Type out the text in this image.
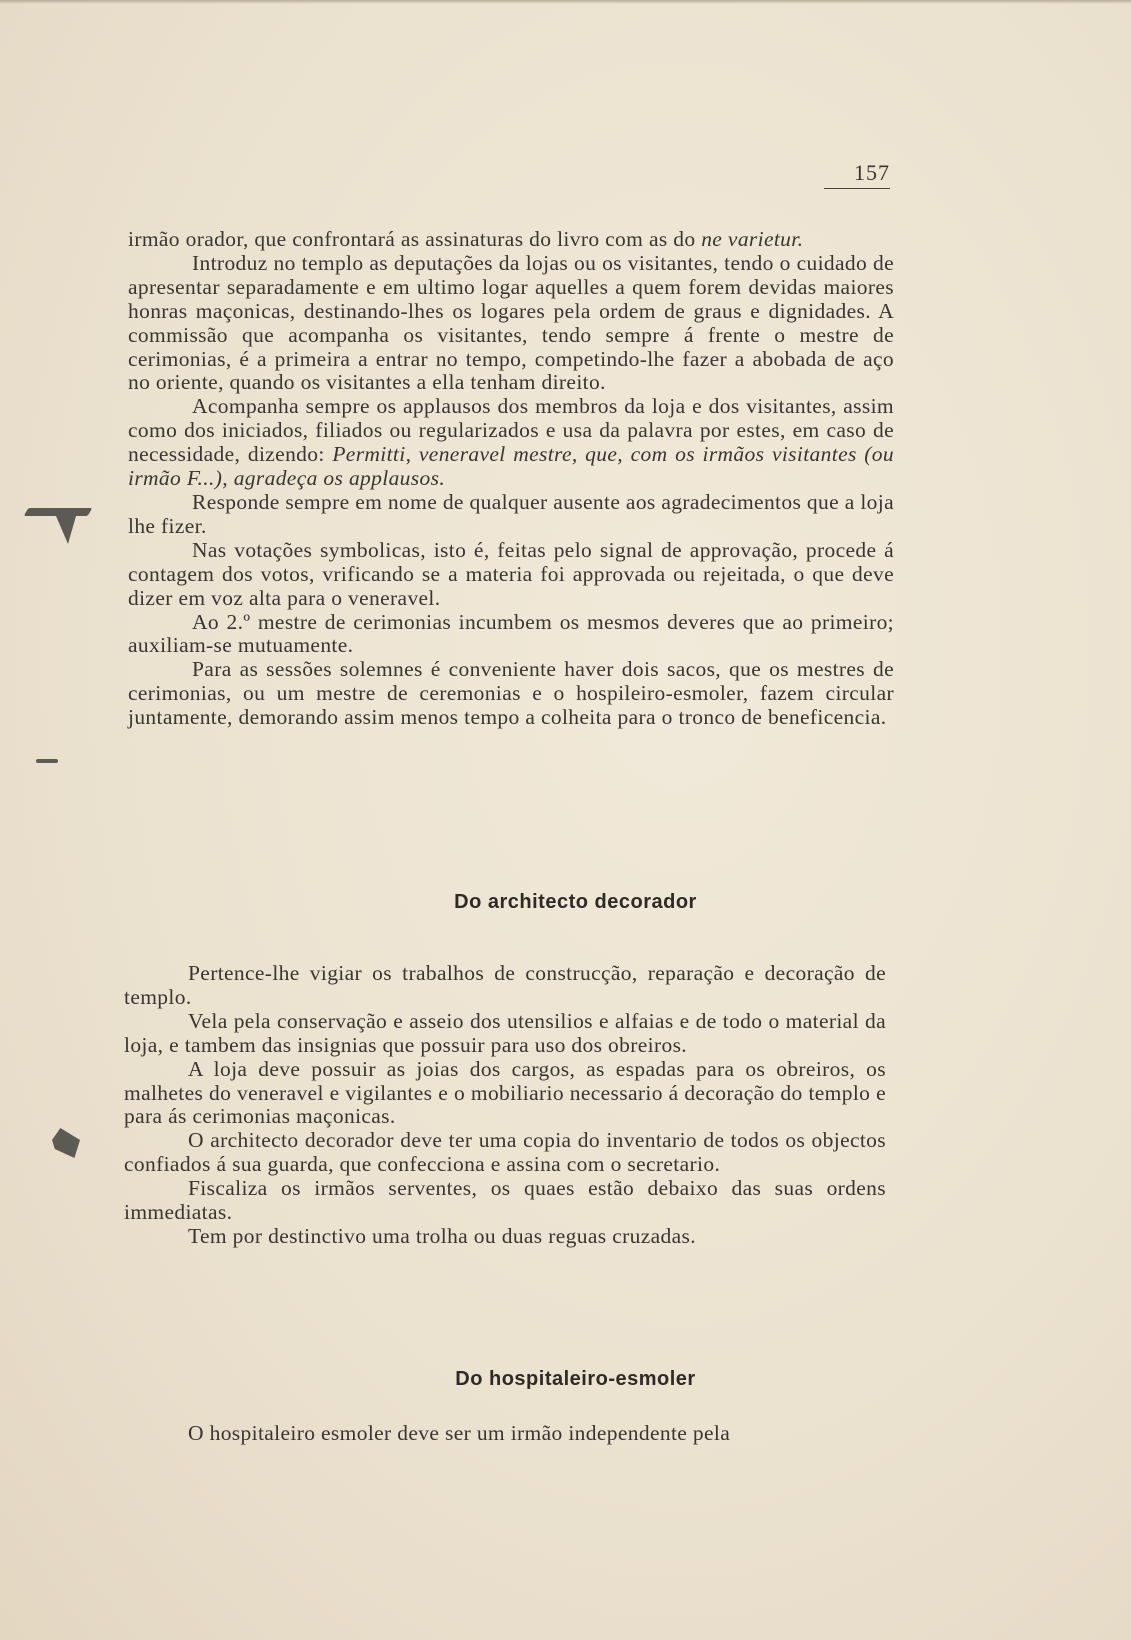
157

irmão orador, que confrontará as assinaturas do livro com as do ne varietur.

Introduz no templo as deputações da lojas ou os visitantes, tendo o cuidado de apresentar separadamente e em ultimo logar aquelles a quem forem devidas maiores honras maçonicas, destinando-lhes os logares pela ordem de graus e dignidades. A commissão que acompanha os visitantes, tendo sempre á frente o mestre de cerimonias, é a primeira a entrar no tempo, competindo-lhe fazer a abobada de aço no oriente, quando os visitantes a ella tenham direito.

Acompanha sempre os applausos dos membros da loja e dos visitantes, assim como dos iniciados, filiados ou regularizados e usa da palavra por estes, em caso de necessidade, dizendo: Permitti, veneravel mestre, que, com os irmãos visitantes (ou irmão F...), agradeça os applausos.

Responde sempre em nome de qualquer ausente aos agradecimentos que a loja lhe fizer.

Nas votações symbolicas, isto é, feitas pelo signal de approvação, procede á contagem dos votos, vrificando se a materia foi approvada ou rejeitada, o que deve dizer em voz alta para o veneravel.

Ao 2.º mestre de cerimonias incumbem os mesmos deveres que ao primeiro; auxiliam-se mutuamente.

Para as sessões solemnes é conveniente haver dois sacos, que os mestres de cerimonias, ou um mestre de ceremonias e o hospileiro-esmoler, fazem circular juntamente, demorando assim menos tempo a colheita para o tronco de beneficencia.

Do architecto decorador

Pertence-lhe vigiar os trabalhos de construcção, reparação e decoração de templo.

Vela pela conservação e asseio dos utensilios e alfaias e de todo o material da loja, e tambem das insignias que possuir para uso dos obreiros.

A loja deve possuir as joias dos cargos, as espadas para os obreiros, os malhetes do veneravel e vigilantes e o mobiliario necessario á decoração do templo e para ás cerimonias maçonicas.

O architecto decorador deve ter uma copia do inventario de todos os objectos confiados á sua guarda, que confecciona e assina com o secretario.

Fiscaliza os irmãos serventes, os quaes estão debaixo das suas ordens immediatas.

Tem por destinctivo uma trolha ou duas reguas cruzadas.

Do hospitaleiro-esmoler

O hospitaleiro esmoler deve ser um irmão independente pela
